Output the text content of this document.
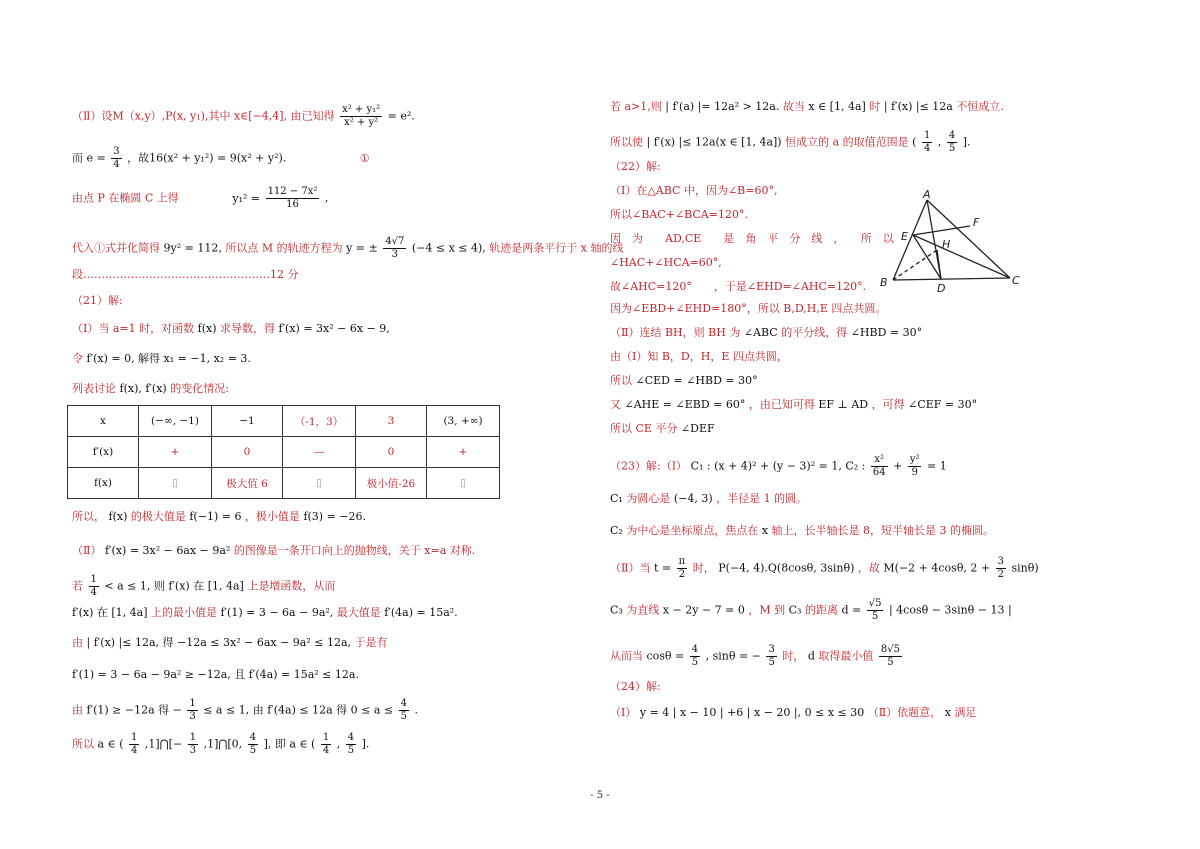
（Ⅱ）设M（x,y）,P(x, y₁),其中 x∈[−4,4], 由已知得 $\frac{\text{x² + y₁²}}{\text{x² + y²}} = e^2$.
而 $e = \frac{3}{4}$ ，故16(x² + y₁²) = 9(x² + y²).	①
由点 P 在椭圆 C 上得	$y_1^2 = \frac{\text{112 − 7x²}}{16}$ ,
代入①式并化简得 9y² = 112, 所以点 M 的轨迹方程为 y = ± $\frac{4√7}{3} (-4 \le x \le 4)$, 轨迹是两条平行于 x 轴的线
段……………………………………………12 分
（21）解:
（Ⅰ）当 a=1 时，对函数 f(x) 求导数，得 f′(x) = 3x² − 6x − 9,
令 f′(x) = 0, 解得 x₁ = −1, x₂ = 3.
列表讨论 f(x), f′(x) 的变化情况:
x	(−∞, −1)	−1	（-1，3）	3	(3, +∞)
f′(x)	+	0	—	0	+
f(x)	▯	极大值 6	▯	极小值-26	▯
所以， f(x) 的极大值是 f(−1) = 6 ，极小值是 f(3) = −26.
（Ⅱ） f′(x) = 3x² − 6ax − 9a² 的图像是一条开口向上的抛物线，关于 x=a 对称.
若 $\frac{1}{4} < a \le 1$, 则 f′(x) 在 [1, 4a] 上是增函数，从而
f′(x) 在 [1, 4a] 上的最小值是 f′(1) = 3 − 6a − 9a², 最大值是 f′(4a) = 15a².
由 | f′(x) |≤ 12a, 得 −12a ≤ 3x² − 6ax − 9a² ≤ 12a, 于是有
f′(1) = 3 − 6a − 9a² ≥ −12a, 且 f′(4a) = 15a² ≤ 12a.
由 f′(1) ≥ −12a 得 − $\frac{1}{3} \le a \le 1$, 由 f′(4a) ≤ 12a 得 $0 \le a \le \frac{4}{5}$ .
所以 a ∈ ( $\frac{1}{4}$ ,1]⋂[− $\frac{1}{3}$ ,1]⋂[0, $\frac{4}{5}$ ], 即 a ∈ ( $\frac{1}{4}$ , $\frac{4}{5}$ ].
若 a>1,则 | f′(a) |= 12a² > 12a. 故当 x ∈ [1, 4a] 时 | f′(x) |≤ 12a 不恒成立.
所以使 | f′(x) |≤ 12a(x ∈ [1, 4a]) 恒成立的 a 的取值范围是 ( $\frac{1}{4}$ , $\frac{4}{5}$ ].
（22）解:
（Ⅰ）在△ABC 中，因为∠B=60°,
所以∠BAC+∠BCA=120°.
因　为　　AD,CE　　是　角　平　分　线　，　　所　以
∠HAC+∠HCA=60°,
故∠AHC=120°　　，于是∠EHD=∠AHC=120°.
因为∠EBD+∠EHD=180°，所以 B,D,H,E 四点共圆。
A
B	C
D
E
F
H
（Ⅱ）连结 BH，则 BH 为 ∠ABC 的平分线，得 ∠HBD = 30°
由（Ⅰ）知 B，D，H，E 四点共圆，
所以 ∠CED = ∠HBD = 30°
又 ∠AHE = ∠EBD = 60° ，由已知可得 EF ⊥ AD ，可得 ∠CEF = 30°
所以 CE 平分 ∠DEF
（23）解:（Ⅰ） C₁ : (x + 4)² + (y − 3)² = 1, C₂ : $\frac{\text{x²}}{64} + \frac{\text{y²}}{9} = 1$
C₁ 为圆心是 (−4, 3) ，半径是 1 的圆。
C₂ 为中心是坐标原点，焦点在 x 轴上，长半轴长是 8，短半轴长是 3 的椭圆。
（Ⅱ）当 $t = \frac{\pi}{2}$ 时， P(−4, 4).Q(8cosθ, 3sinθ) ，故 M(−2 + 4cosθ, $2 + \frac{3}{2} \sin\theta$)
C₃ 为直线 x − 2y − 7 = 0 ，M 到 C₃ 的距离 $d = \frac{√5}{5}$ | 4cosθ − 3sinθ − 13 |
从而当 $\cos\theta = \frac{4}{5}$ , sinθ = − $\frac{3}{5}$ 时， d 取得最小值 $\frac{8√5}{5}$
（24）解:
（Ⅰ） y = 4 | x − 10 | +6 | x − 20 |, 0 ≤ x ≤ 30 （Ⅱ）依题意， x 满足
- 5 -
